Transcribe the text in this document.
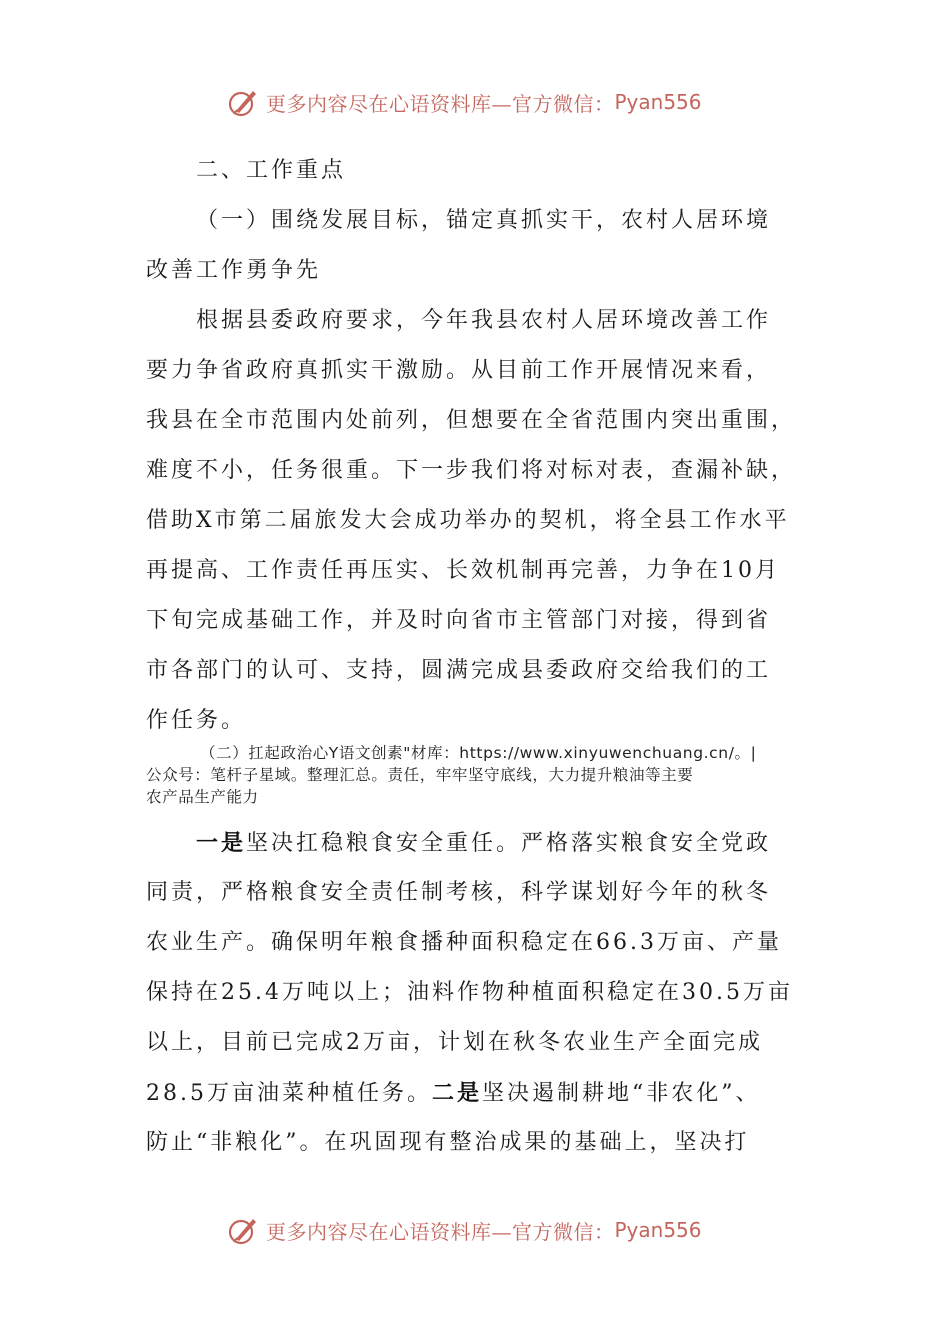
更多内容尽在心语资料库—官方微信： Pyan556
二、工作重点
（一）围绕发展目标，锚定真抓实干，农村人居环境
改善工作勇争先
根据县委政府要求，今年我县农村人居环境改善工作
要力争省政府真抓实干激励。从目前工作开展情况来看，
我县在全市范围内处前列，但想要在全省范围内突出重围，
难度不小，任务很重。下一步我们将对标对表，查漏补缺，
借助X市第二届旅发大会成功举办的契机，将全县工作水平
再提高、工作责任再压实、长效机制再完善，力争在10月
下旬完成基础工作，并及时向省市主管部门对接，得到省
市各部门的认可、支持，圆满完成县委政府交给我们的工
作任务。
（二）扛起政治心Y语文创素"材库：https://www.xinyuwenchuang.cn/。|
公众号：笔杆子星域。整理汇总。责任，牢牢坚守底线，大力提升粮油等主要
农产品生产能力
一是坚决扛稳粮食安全重任。严格落实粮食安全党政
同责，严格粮食安全责任制考核，科学谋划好今年的秋冬
农业生产。确保明年粮食播种面积稳定在66.3万亩、产量
保持在25.4万吨以上；油料作物种植面积稳定在30.5万亩
以上，目前已完成2万亩，计划在秋冬农业生产全面完成
28.5万亩油菜种植任务。二是坚决遏制耕地“非农化”、
防止“非粮化”。在巩固现有整治成果的基础上，坚决打
更多内容尽在心语资料库—官方微信： Pyan556
